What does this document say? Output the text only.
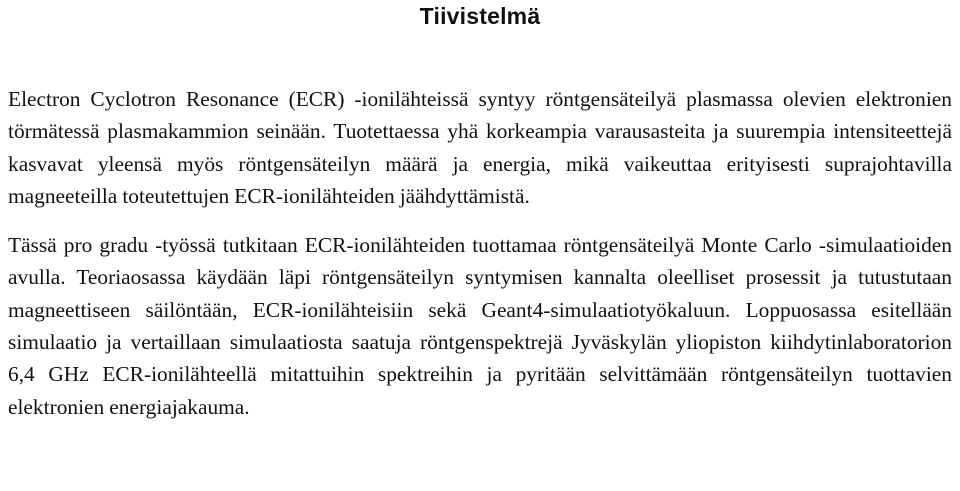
Tiivistelmä

Electron Cyclotron Resonance (ECR) -ionilähteissä syntyy röntgensäteilyä plasmassa olevien elektronien törmätessä plasmakammion seinään. Tuotettaessa yhä korkeampia varausasteita ja suurempia intensiteettejä kasvavat yleensä myös röntgensäteilyn määrä ja energia, mikä vaikeuttaa erityisesti suprajohtavilla magneeteilla toteutettujen ECR-ionilähteiden jäähdyttämistä.

Tässä pro gradu -työssä tutkitaan ECR-ionilähteiden tuottamaa röntgensäteilyä Monte Carlo -simulaatioiden avulla. Teoriaosassa käydään läpi röntgensäteilyn syntymisen kannalta oleelliset prosessit ja tutustutaan magneettiseen säilöntään, ECR-ionilähteisiin sekä Geant4-simulaatiotyökaluun. Loppuosassa esitellään simulaatio ja vertaillaan simulaatiosta saatuja röntgenspektrejä Jyväskylän yliopiston kiihdytinlaboratorion 6,4 GHz ECR-ionilähteellä mitattuihin spektreihin ja pyritään selvittämään röntgensäteilyn tuottavien elektronien energiajakauma.
